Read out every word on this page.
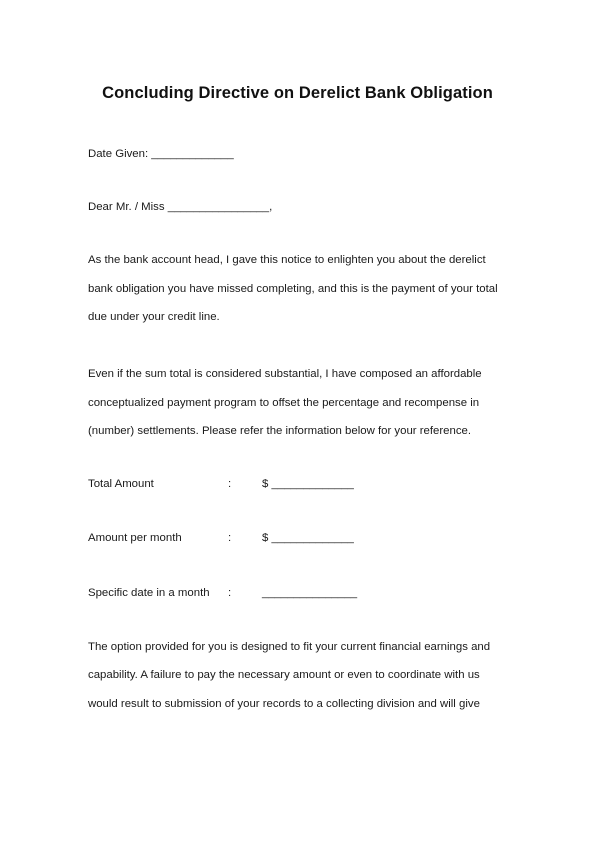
Concluding Directive on Derelict Bank Obligation
Date Given: _____________
Dear Mr. / Miss ________________,
As the bank account head, I gave this notice to enlighten you about the derelict
bank obligation you have missed completing, and this is the payment of your total
due under your credit line.
Even if the sum total is considered substantial, I have composed an affordable
conceptualized payment program to offset the percentage and recompense in
(number) settlements. Please refer the information below for your reference.
Total Amount	:	$ _____________
Amount per month	:	$ _____________
Specific date in a month :	_______________
The option provided for you is designed to fit your current financial earnings and
capability. A failure to pay the necessary amount or even to coordinate with us
would result to submission of your records to a collecting division and will give
